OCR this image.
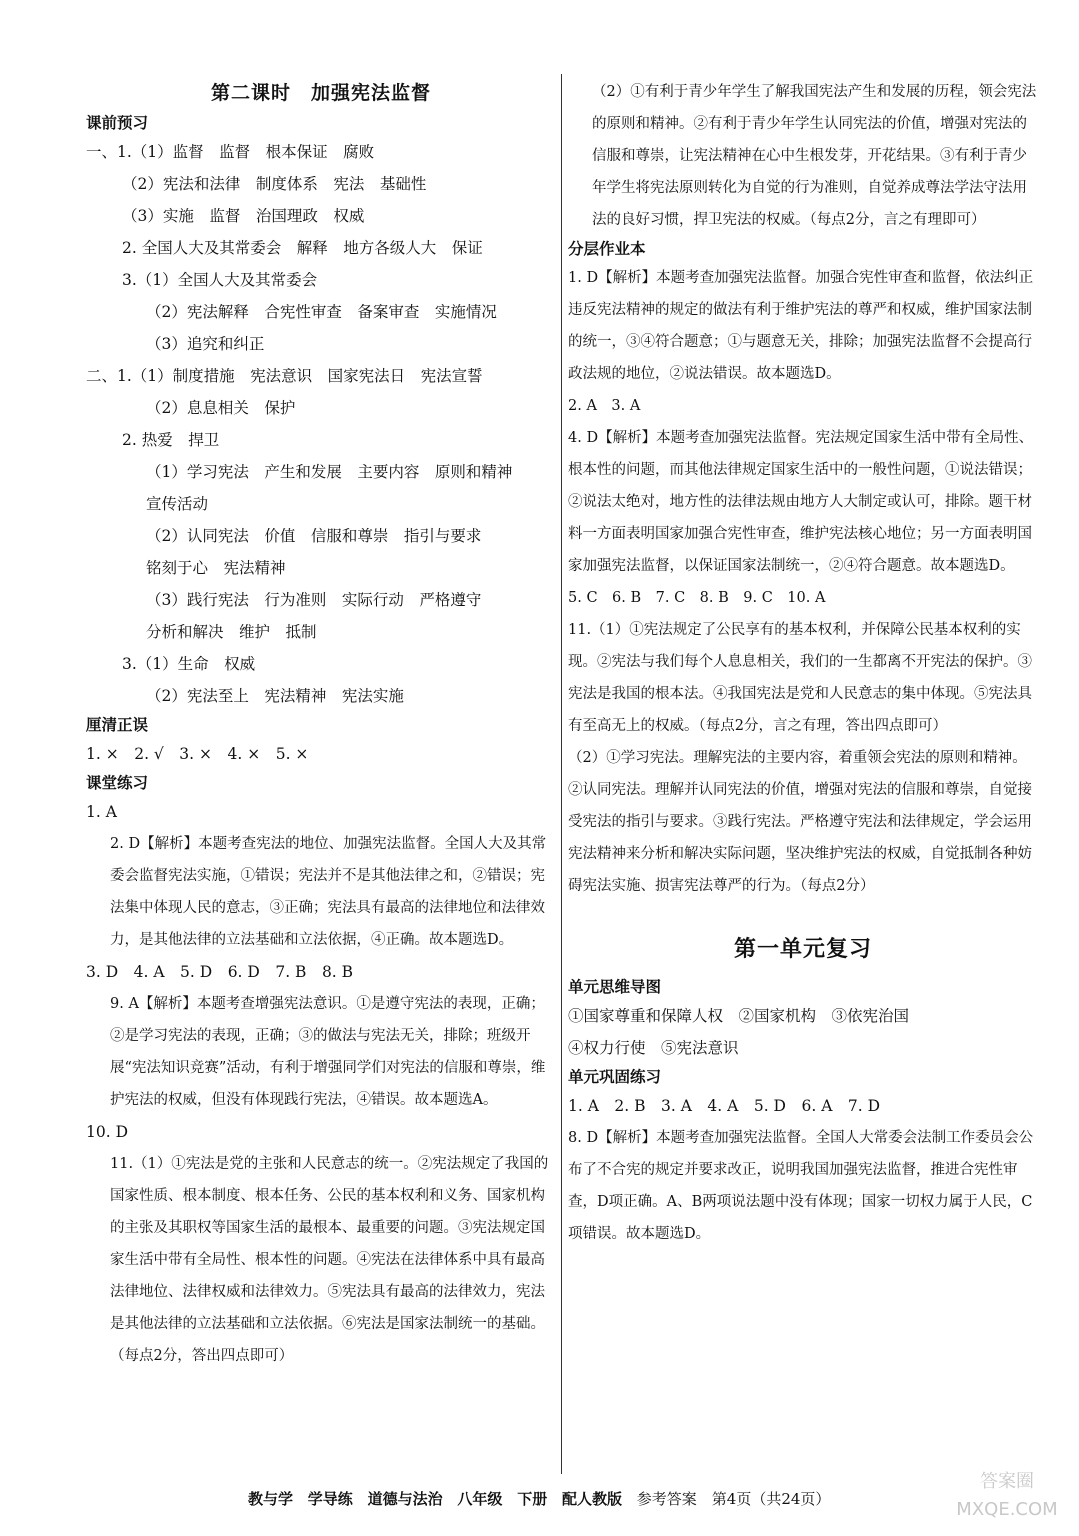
第二课时　加强宪法监督
课前预习
一、1.（1）监督　监督　根本保证　腐败
（2）宪法和法律　制度体系　宪法　基础性
（3）实施　监督　治国理政　权威
2. 全国人大及其常委会　解释　地方各级人大　保证
3.（1）全国人大及其常委会
（2）宪法解释　合宪性审查　备案审查　实施情况
（3）追究和纠正
二、1.（1）制度措施　宪法意识　国家宪法日　宪法宣誓
（2）息息相关　保护
2. 热爱　捍卫
（1）学习宪法　产生和发展　主要内容　原则和精神
宣传活动
（2）认同宪法　价值　信服和尊崇　指引与要求
铭刻于心　宪法精神
（3）践行宪法　行为准则　实际行动　严格遵守
分析和解决　维护　抵制
3.（1）生命　权威
（2）宪法至上　宪法精神　宪法实施
厘清正误
1. ×　2. √　3. ×　4. ×　5. ×
课堂练习
1. A
2. D【解析】本题考查宪法的地位、加强宪法监督。全国人大及其常委会监督宪法实施，①错误；宪法并不是其他法律之和，②错误；宪法集中体现人民的意志，③正确；宪法具有最高的法律地位和法律效力，是其他法律的立法基础和立法依据，④正确。故本题选D。
3. D　4. A　5. D　6. D　7. B　8. B
9. A【解析】本题考查增强宪法意识。①是遵守宪法的表现，正确；②是学习宪法的表现，正确；③的做法与宪法无关，排除；班级开展“宪法知识竞赛”活动，有利于增强同学们对宪法的信服和尊崇，维护宪法的权威，但没有体现践行宪法，④错误。故本题选A。
10. D
11.（1）①宪法是党的主张和人民意志的统一。②宪法规定了我国的国家性质、根本制度、根本任务、公民的基本权利和义务、国家机构的主张及其职权等国家生活的最根本、最重要的问题。③宪法规定国家生活中带有全局性、根本性的问题。④宪法在法律体系中具有最高法律地位、法律权威和法律效力。⑤宪法具有最高的法律效力，宪法是其他法律的立法基础和立法依据。⑥宪法是国家法制统一的基础。（每点2分，答出四点即可）
（2）①有利于青少年学生了解我国宪法产生和发展的历程，领会宪法的原则和精神。②有利于青少年学生认同宪法的价值，增强对宪法的信服和尊崇，让宪法精神在心中生根发芽，开花结果。③有利于青少年学生将宪法原则转化为自觉的行为准则，自觉养成尊法学法守法用法的良好习惯，捍卫宪法的权威。（每点2分，言之有理即可）
分层作业本
1. D【解析】本题考查加强宪法监督。加强合宪性审查和监督，依法纠正违反宪法精神的规定的做法有利于维护宪法的尊严和权威，维护国家法制的统一，③④符合题意；①与题意无关，排除；加强宪法监督不会提高行政法规的地位，②说法错误。故本题选D。
2. A　3. A
4. D【解析】本题考查加强宪法监督。宪法规定国家生活中带有全局性、根本性的问题，而其他法律规定国家生活中的一般性问题，①说法错误；②说法太绝对，地方性的法律法规由地方人大制定或认可，排除。题干材料一方面表明国家加强合宪性审查，维护宪法核心地位；另一方面表明国家加强宪法监督，以保证国家法制统一，②④符合题意。故本题选D。
5. C　6. B　7. C　8. B　9. C　10. A
11.（1）①宪法规定了公民享有的基本权利，并保障公民基本权利的实现。②宪法与我们每个人息息相关，我们的一生都离不开宪法的保护。③宪法是我国的根本法。④我国宪法是党和人民意志的集中体现。⑤宪法具有至高无上的权威。（每点2分，言之有理，答出四点即可）
（2）①学习宪法。理解宪法的主要内容，着重领会宪法的原则和精神。②认同宪法。理解并认同宪法的价值，增强对宪法的信服和尊崇，自觉接受宪法的指引与要求。③践行宪法。严格遵守宪法和法律规定，学会运用宪法精神来分析和解决实际问题，坚决维护宪法的权威，自觉抵制各种妨碍宪法实施、损害宪法尊严的行为。（每点2分）
第一单元复习
单元思维导图
①国家尊重和保障人权　②国家机构　③依宪治国
④权力行使　⑤宪法意识
单元巩固练习
1. A　2. B　3. A　4. A　5. D　6. A　7. D
8. D【解析】本题考查加强宪法监督。全国人大常委会法制工作委员会公布了不合宪的规定并要求改正，说明我国加强宪法监督，推进合宪性审查，D项正确。A、B两项说法题中没有体现；国家一切权力属于人民，C项错误。故本题选D。
教与学 学导练 道德与法治 八年级 下册 配人教版 参考答案　第4页（共24页）
答案圈 MXQE.COM
